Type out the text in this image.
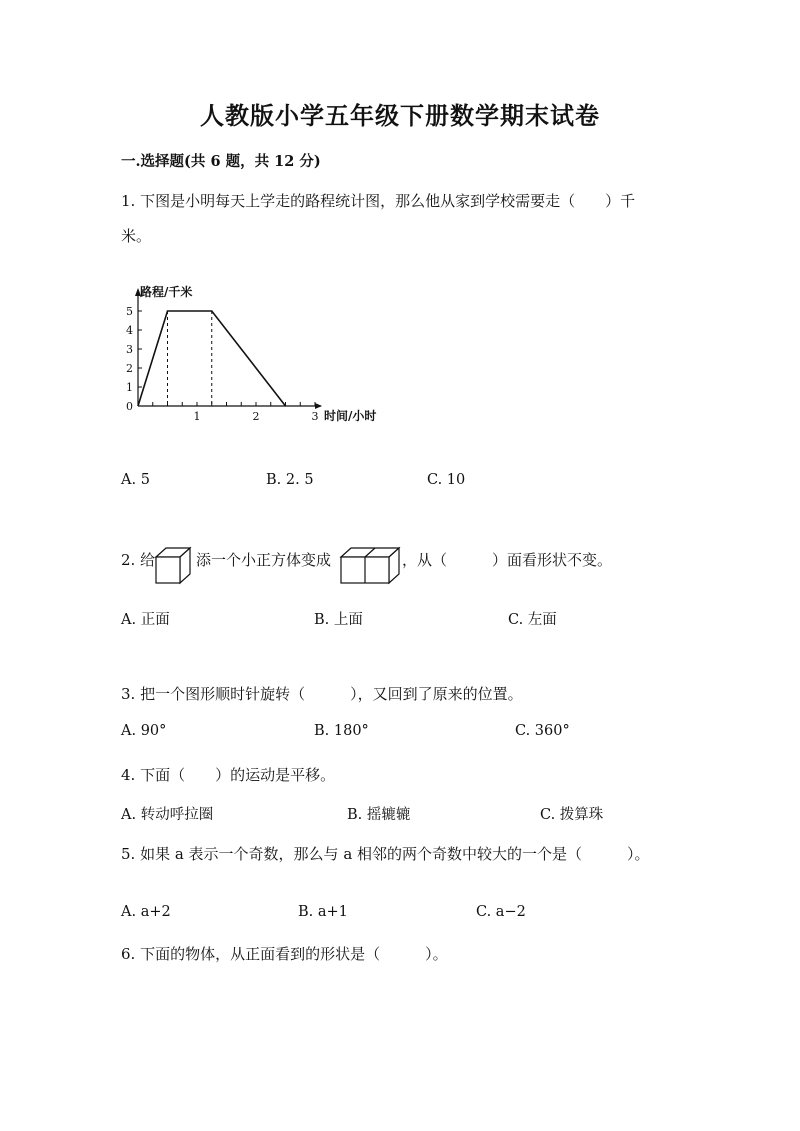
人教版小学五年级下册数学期末试卷
一.选择题(共 6 题，共 12 分)
1. 下图是小明每天上学走的路程统计图，那么他从家到学校需要走（　　）千
米。
0
1
2
3
4
5
1	2	3
路程/千米
时间/小时
A. 5	B. 2. 5	C. 10
2. 给	添一个小正方体变成	，从（　　　）面看形状不变。
A. 正面	B. 上面	C. 左面
3. 把一个图形顺时针旋转（　　　），又回到了原来的位置。
A. 90°	B. 180°	C. 360°
4. 下面（　　）的运动是平移。
A. 转动呼拉圈	B. 摇辘辘	C. 拨算珠
5. 如果 a 表示一个奇数，那么与 a 相邻的两个奇数中较大的一个是（　　　）。
A. a+2	B. a+1	C. a−2
6. 下面的物体，从正面看到的形状是（　　　）。
